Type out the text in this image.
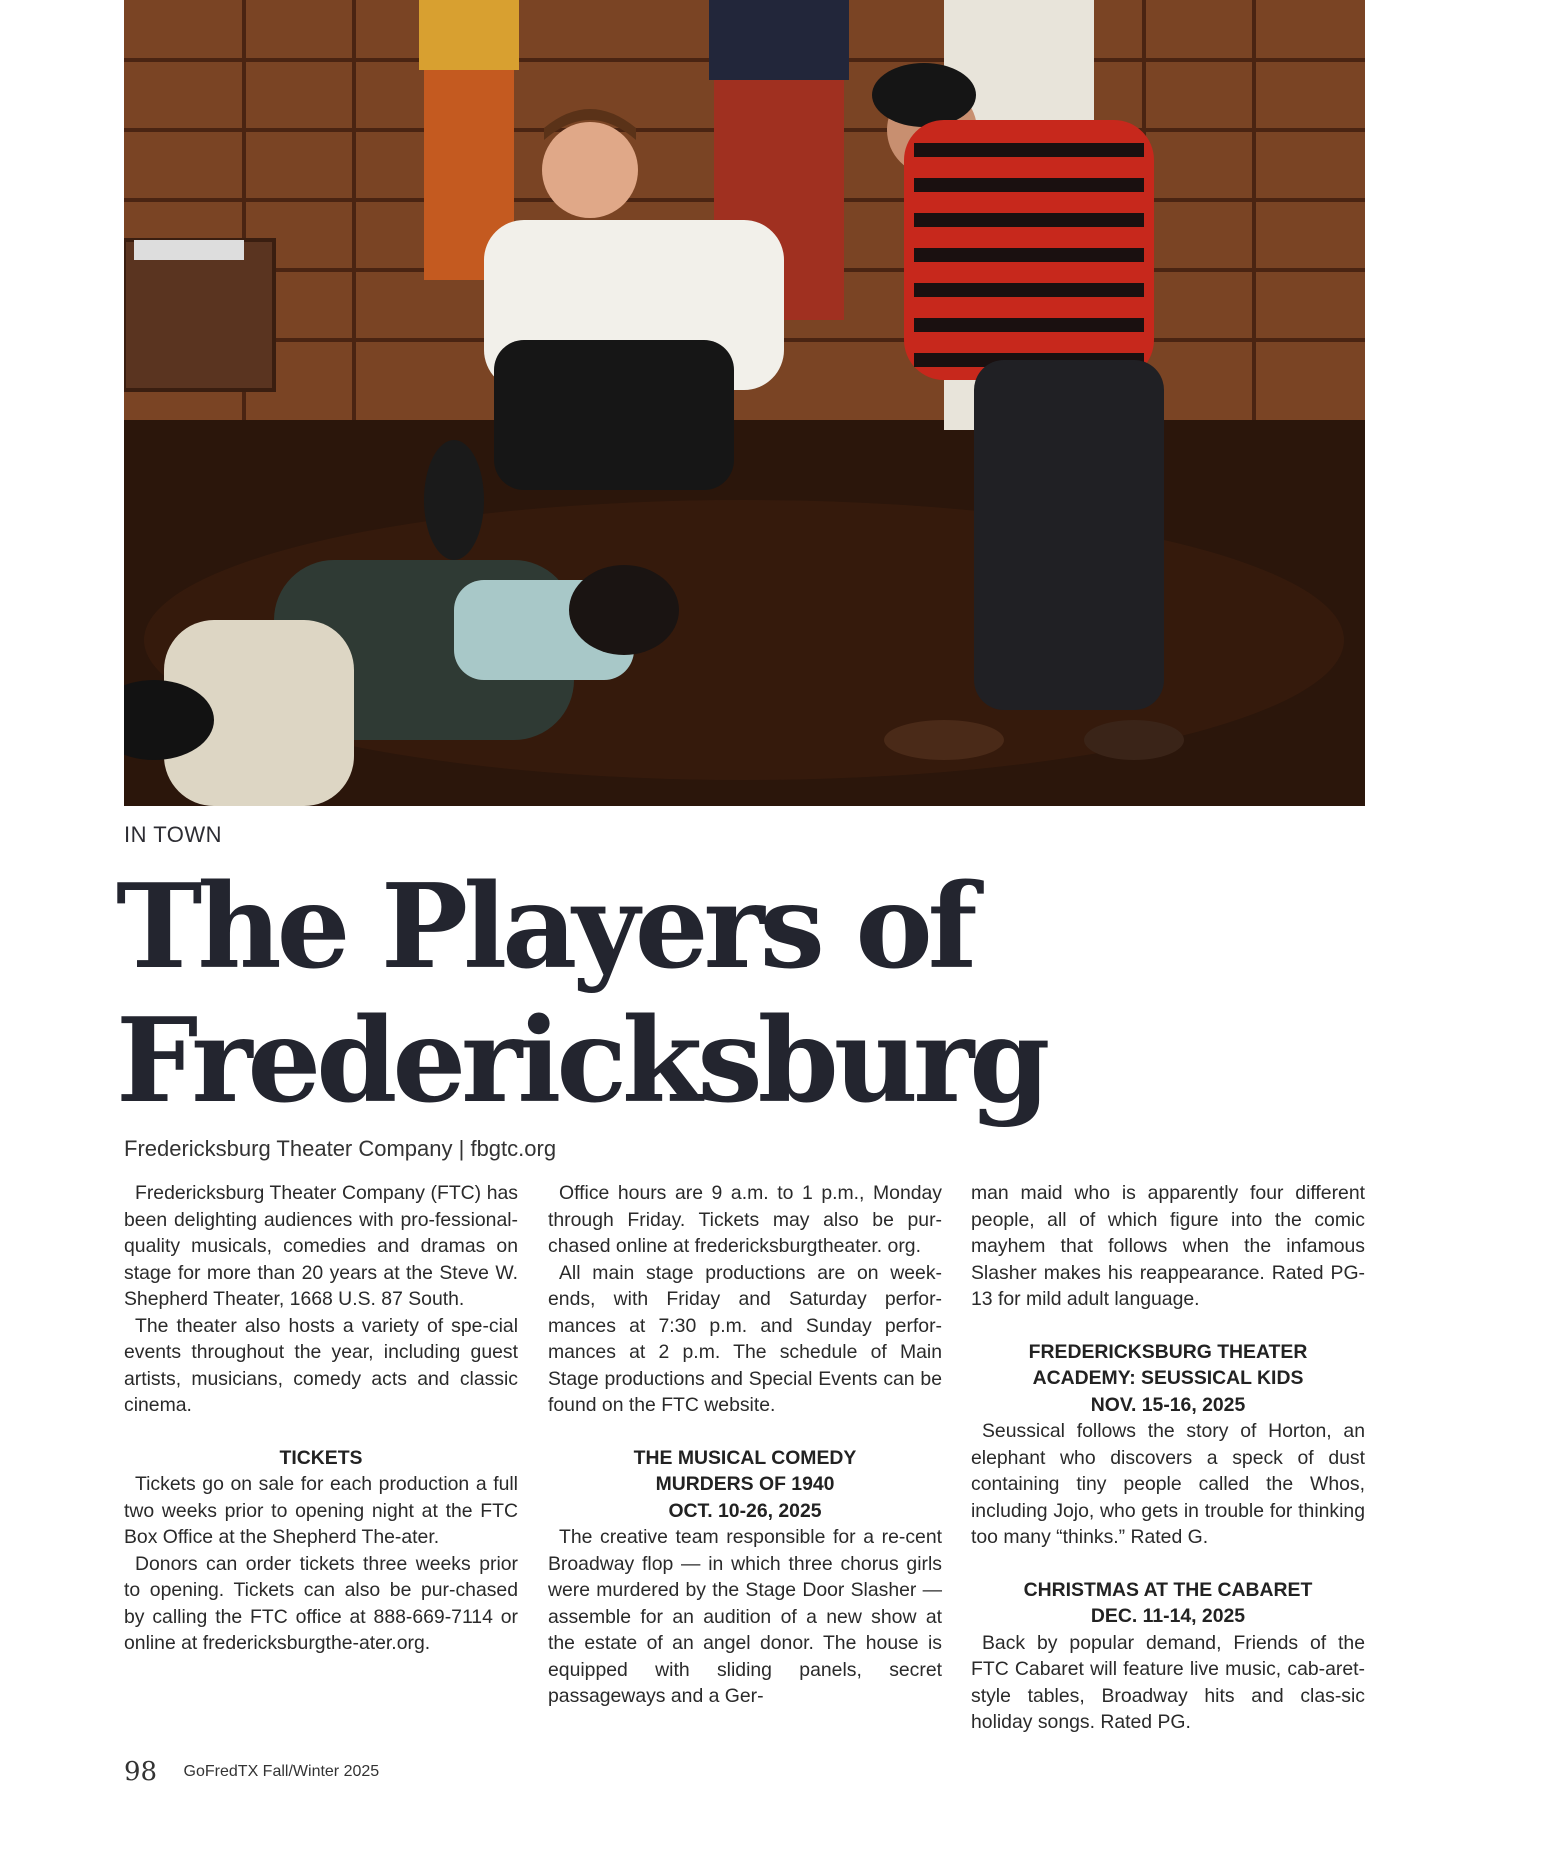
IN TOWN
The Players of
Fredericksburg
Fredericksburg Theater Company | fbgtc.org

Fredericksburg Theater Company (FTC) has been delighting audiences with pro-fessional-quality musicals, comedies and dramas on stage for more than 20 years at the Steve W. Shepherd Theater, 1668 U.S. 87 South.

The theater also hosts a variety of spe-cial events throughout the year, including guest artists, musicians, comedy acts and classic cinema.

TICKETS

Tickets go on sale for each production a full two weeks prior to opening night at the FTC Box Office at the Shepherd The-ater.

Donors can order tickets three weeks prior to opening. Tickets can also be pur-chased by calling the FTC office at 888-669-7114 or online at fredericksburgthe-ater.org.

Office hours are 9 a.m. to 1 p.m., Monday through Friday. Tickets may also be pur-chased online at fredericksburgtheater. org.

All main stage productions are on week-ends, with Friday and Saturday perfor-mances at 7:30 p.m. and Sunday perfor-mances at 2 p.m. The schedule of Main Stage productions and Special Events can be found on the FTC website.

THE MUSICAL COMEDY
MURDERS OF 1940
OCT. 10-26, 2025

The creative team responsible for a re-cent Broadway flop — in which three chorus girls were murdered by the Stage Door Slasher — assemble for an audition of a new show at the estate of an angel donor. The house is equipped with sliding panels, secret passageways and a Ger-

man maid who is apparently four different people, all of which figure into the comic mayhem that follows when the infamous Slasher makes his reappearance. Rated PG-13 for mild adult language.

FREDERICKSBURG THEATER
ACADEMY: SEUSSICAL KIDS
NOV. 15-16, 2025

Seussical follows the story of Horton, an elephant who discovers a speck of dust containing tiny people called the Whos, including Jojo, who gets in trouble for thinking too many “thinks.” Rated G.

CHRISTMAS AT THE CABARET
DEC. 11-14, 2025

Back by popular demand, Friends of the FTC Cabaret will feature live music, cab-aret-style tables, Broadway hits and clas-sic holiday songs. Rated PG.

98 GoFredTX Fall/Winter 2025
